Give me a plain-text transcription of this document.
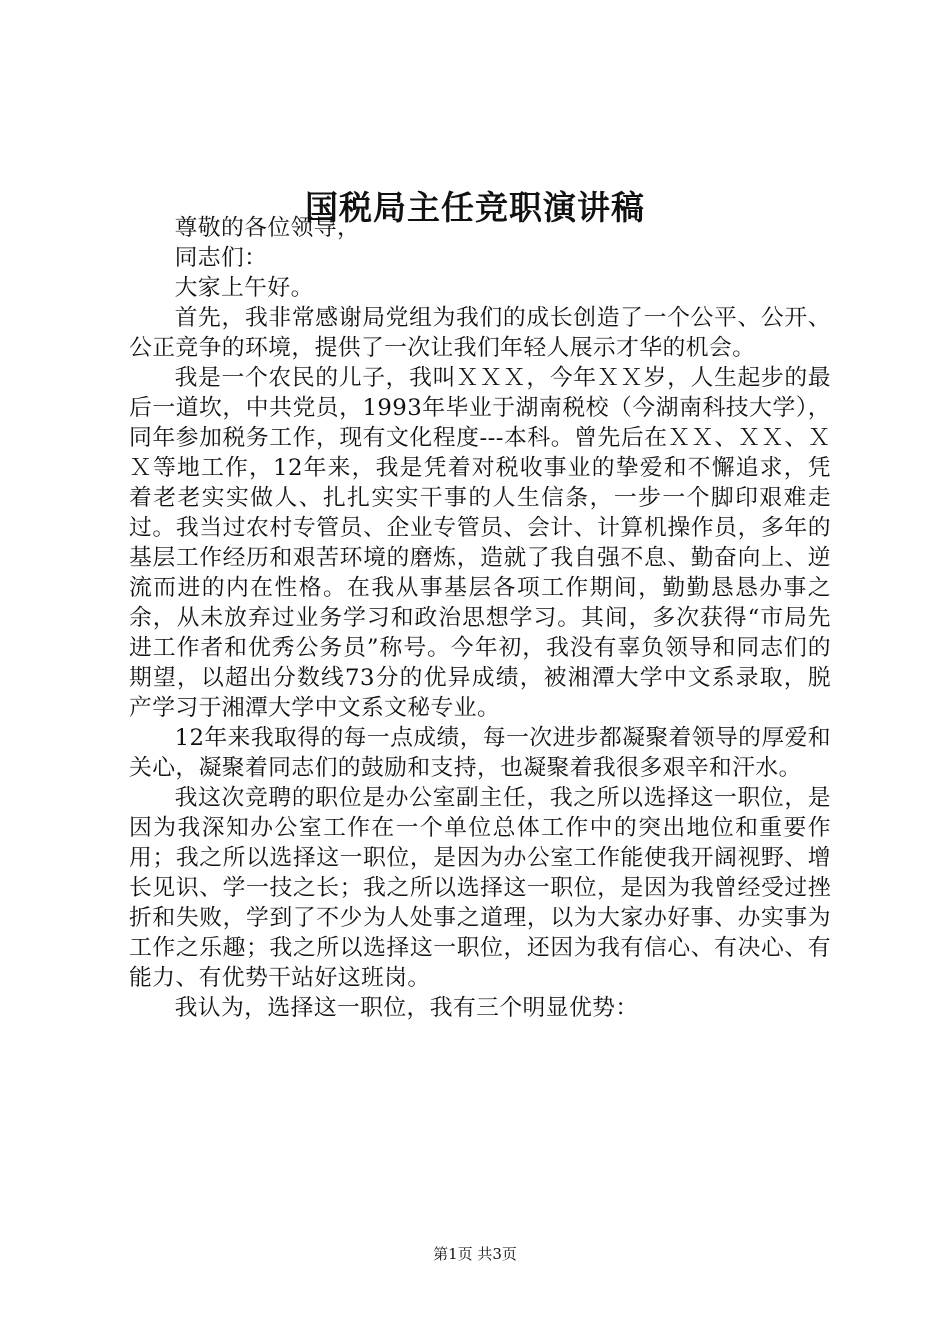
国税局主任竞职演讲稿

尊敬的各位领导，

同志们：

大家上午好。

首先，我非常感谢局党组为我们的成长创造了一个公平、公开、公正竞争的环境，提供了一次让我们年轻人展示才华的机会。

我是一个农民的儿子，我叫ＸＸＸ，今年ＸＸ岁，人生起步的最后一道坎，中共党员，1993年毕业于湖南税校（今湖南科技大学），同年参加税务工作，现有文化程度---本科。曾先后在ＸＸ、ＸＸ、ＸＸ等地工作，12年来，我是凭着对税收事业的挚爱和不懈追求，凭着老老实实做人、扎扎实实干事的人生信条，一步一个脚印艰难走过。我当过农村专管员、企业专管员、会计、计算机操作员，多年的基层工作经历和艰苦环境的磨炼，造就了我自强不息、勤奋向上、逆流而进的内在性格。在我从事基层各项工作期间，勤勤恳恳办事之余，从未放弃过业务学习和政治思想学习。其间，多次获得“市局先进工作者和优秀公务员”称号。今年初，我没有辜负领导和同志们的期望，以超出分数线73分的优异成绩，被湘潭大学中文系录取，脱产学习于湘潭大学中文系文秘专业。

12年来我取得的每一点成绩，每一次进步都凝聚着领导的厚爱和关心，凝聚着同志们的鼓励和支持，也凝聚着我很多艰辛和汗水。

我这次竞聘的职位是办公室副主任，我之所以选择这一职位，是因为我深知办公室工作在一个单位总体工作中的突出地位和重要作用；我之所以选择这一职位，是因为办公室工作能使我开阔视野、增长见识、学一技之长；我之所以选择这一职位，是因为我曾经受过挫折和失败，学到了不少为人处事之道理，以为大家办好事、办实事为工作之乐趣；我之所以选择这一职位，还因为我有信心、有决心、有能力、有优势干站好这班岗。

我认为，选择这一职位，我有三个明显优势：

第1页 共3页
